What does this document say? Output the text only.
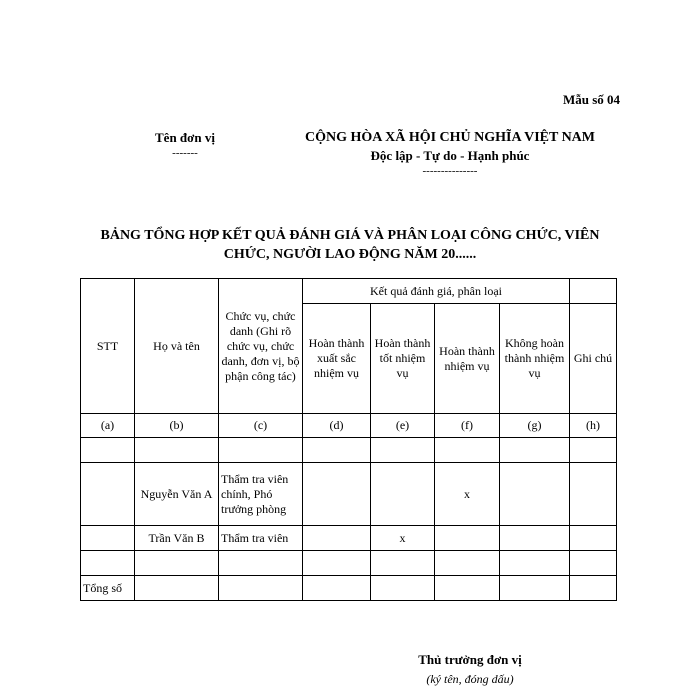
Mẫu số 04
Tên đơn vị
-------
CỘNG HÒA XÃ HỘI CHỦ NGHĨA VIỆT NAM
Độc lập - Tự do - Hạnh phúc
---------------
BẢNG TỔNG HỢP KẾT QUẢ ĐÁNH GIÁ VÀ PHÂN LOẠI CÔNG CHỨC, VIÊN
CHỨC, NGƯỜI LAO ĐỘNG NĂM 20......
STT	Họ và tên	Chức vụ, chức danh (Ghi rõ chức vụ, chức danh, đơn vị, bộ phận công tác)	Kết quả đánh giá, phân loại				
			Hoàn thành xuất sắc nhiệm vụ	Hoàn thành tốt nhiệm vụ	Hoàn thành nhiệm vụ	Không hoàn thành nhiệm vụ	Ghi chú
(a)	(b)	(c)	(d)	(e)	(f)	(g)	(h)

	Nguyễn Văn A	Thẩm tra viên chính, Phó trưởng phòng			x		
	Trần Văn B	Thẩm tra viên		x			

Tổng số							
Thủ trưởng đơn vị
(ký tên, đóng dấu)
